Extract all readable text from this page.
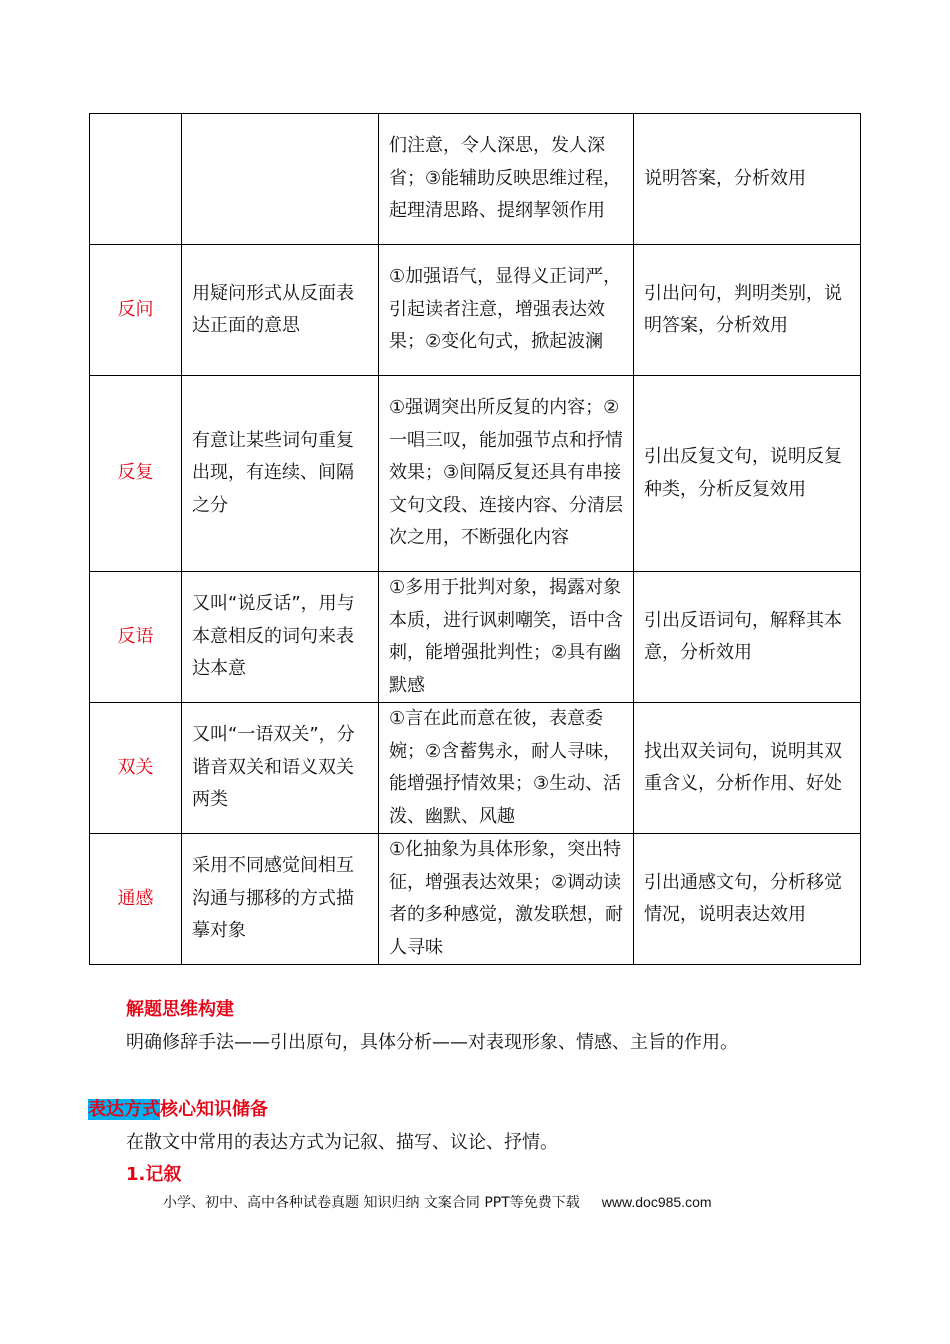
		们注意，令人深思，发人深省；③能辅助反映思维过程，起理清思路、提纲挈领作用	说明答案，分析效用
反问	用疑问形式从反面表达正面的意思	①加强语气，显得义正词严，引起读者注意，增强表达效果；②变化句式，掀起波澜	引出问句，判明类别，说明答案，分析效用
反复	有意让某些词句重复出现，有连续、间隔之分	①强调突出所反复的内容；②一唱三叹，能加强节点和抒情效果；③间隔反复还具有串接文句文段、连接内容、分清层次之用，不断强化内容	引出反复文句，说明反复种类，分析反复效用
反语	又叫“说反话”，用与本意相反的词句来表达本意	①多用于批判对象，揭露对象本质，进行讽刺嘲笑，语中含刺，能增强批判性；②具有幽默感	引出反语词句，解释其本意，分析效用
双关	又叫“一语双关”，分谐音双关和语义双关两类	①言在此而意在彼，表意委婉；②含蓄隽永，耐人寻味，能增强抒情效果；③生动、活泼、幽默、风趣	找出双关词句，说明其双重含义，分析作用、好处
通感	采用不同感觉间相互沟通与挪移的方式描摹对象	①化抽象为具体形象，突出特征，增强表达效果；②调动读者的多种感觉，激发联想，耐人寻味	引出通感文句，分析移觉情况，说明表达效用
解题思维构建
明确修辞手法——引出原句，具体分析——对表现形象、情感、主旨的作用。
表达方式核心知识储备
在散文中常用的表达方式为记叙、描写、议论、抒情。
1.记叙
小学、初中、高中各种试卷真题 知识归纳 文案合同 PPT等免费下载 www.doc985.com
